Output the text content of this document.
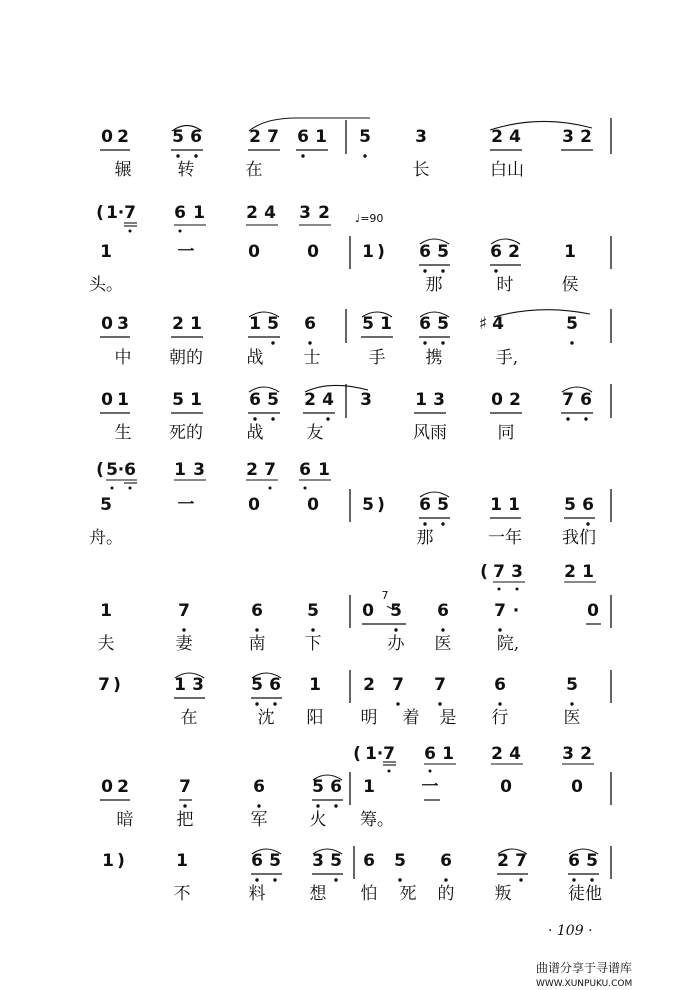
0 2	5 6	2 7 6 1 5	3	2 4 3 2
辗	转	在	长	白山
1	一	0	0	1 ) 6 5 6 2	1
( 1 · 7 6 1 2 4 3 2
头。	那	时	侯
0 3	2 1	1 5 6	5 1 6 5 ♯ 4	5
中 朝的	战 士	手 携	手,
0 1	5 1	6 5 2 4 3	1 3	0 2 7 6
生 死的	战	友	风雨	同
5	一	0	0	5 ) 6 5 1 1	5 6
( 5 · 6 1 3 2 7 6 1
舟。	那	一年 我们
1	7	6	5	0 5 6	7 ·	0
( 7 3 2 1
夫	妻	南 下	办 医	院,
7
7 )	1 3	5 6 1 2 7 7	6	5
在	沈 阳 明 着 是 行	医
0 2	7	6	5 6 1	一	0	0
( 1 · 7 6 1 2 4 3 2
暗	把	军 火 筹。
1 )	1	6 5 3 5 6 5 6	2 7 6 5
不	料	想 怕 死 的 叛	徒他
♩=90
· 109 ·
曲谱分享于寻谱库
WWW.XUNPUKU.COM
